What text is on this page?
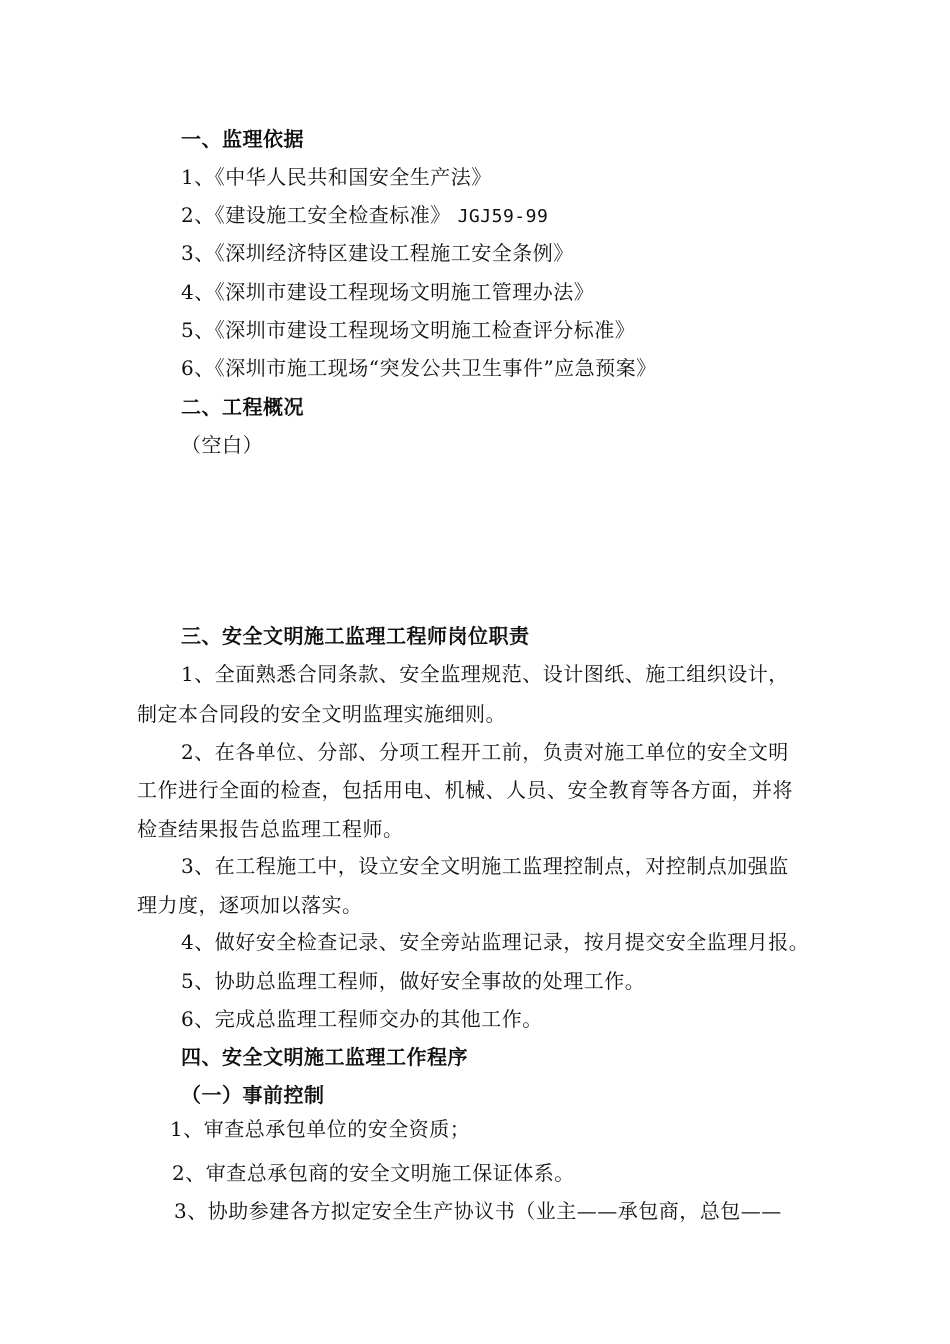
一、监理依据
1、《中华人民共和国安全生产法》
2、《建设施工安全检查标准》 JGJ59-99
3、《深圳经济特区建设工程施工安全条例》
4、《深圳市建设工程现场文明施工管理办法》
5、《深圳市建设工程现场文明施工检查评分标准》
6、《深圳市施工现场“突发公共卫生事件”应急预案》
二、工程概况
（空白）
三、安全文明施工监理工程师岗位职责
1、全面熟悉合同条款、安全监理规范、设计图纸、施工组织设计，
制定本合同段的安全文明监理实施细则。
2、在各单位、分部、分项工程开工前，负责对施工单位的安全文明
工作进行全面的检查，包括用电、机械、人员、安全教育等各方面，并将
检查结果报告总监理工程师。
3、在工程施工中，设立安全文明施工监理控制点，对控制点加强监
理力度，逐项加以落实。
4、做好安全检查记录、安全旁站监理记录，按月提交安全监理月报。
5、协助总监理工程师，做好安全事故的处理工作。
6、完成总监理工程师交办的其他工作。
四、安全文明施工监理工作程序
（一）事前控制
1、审查总承包单位的安全资质；
2、审查总承包商的安全文明施工保证体系。
3、协助参建各方拟定安全生产协议书（业主——承包商，总包——
